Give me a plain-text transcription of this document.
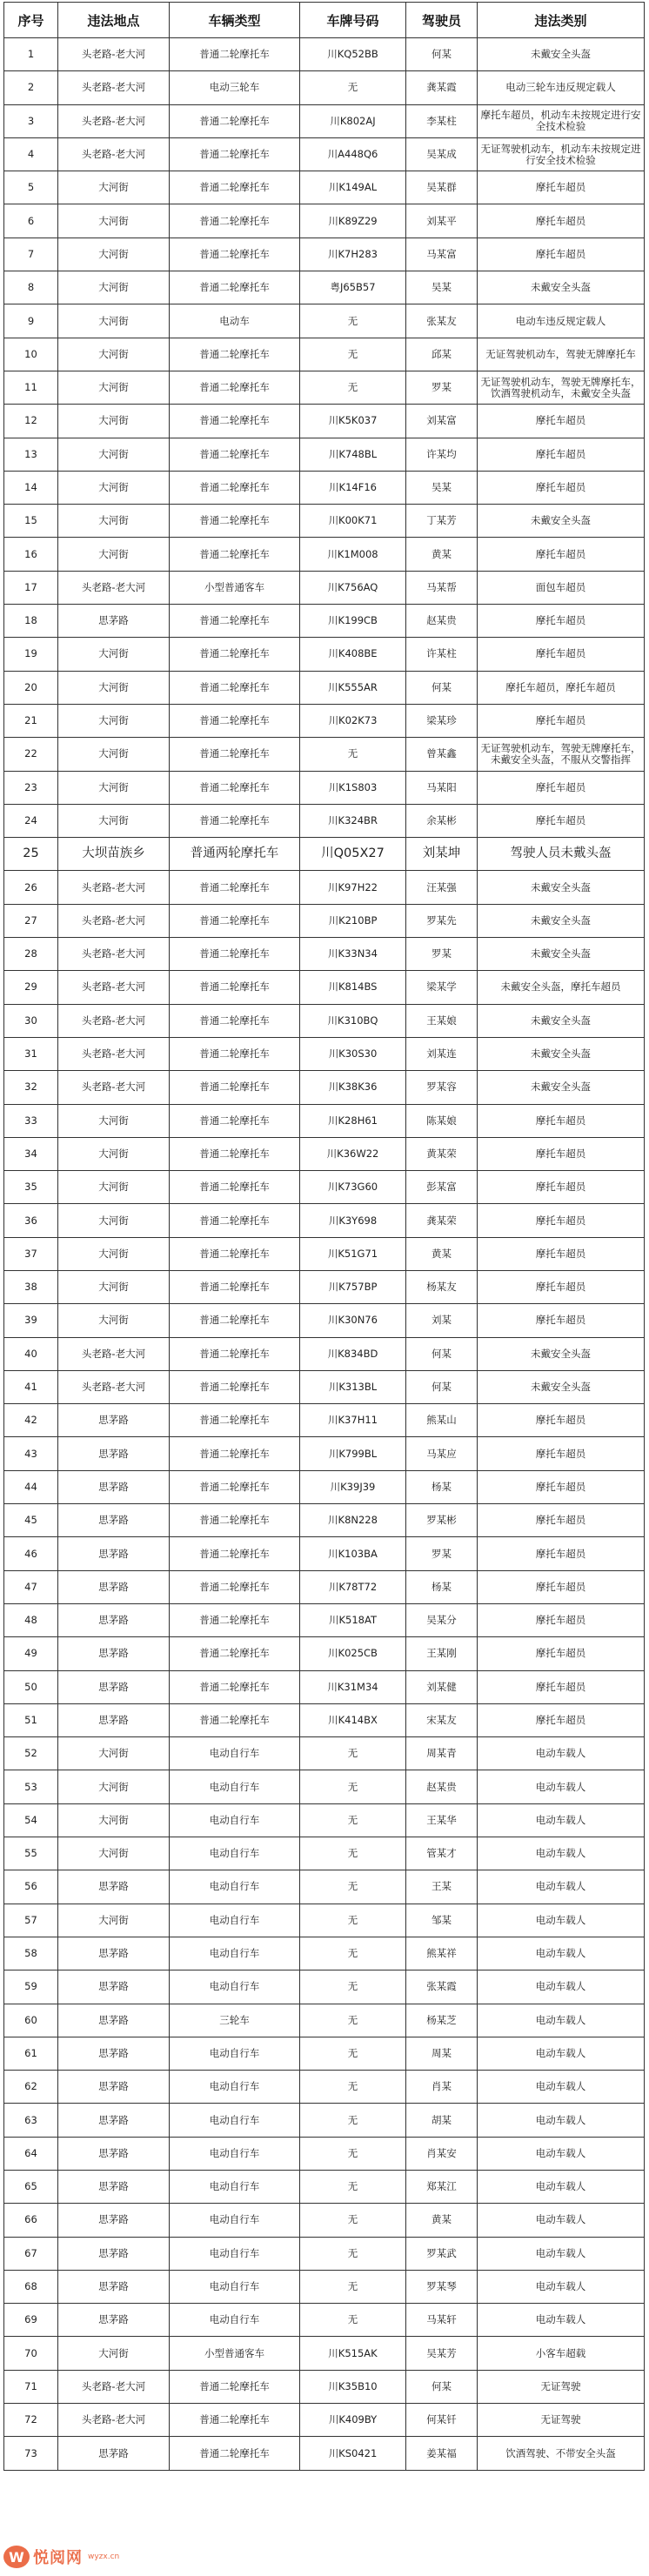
序号	违法地点	车辆类型	车牌号码	驾驶员	违法类别
1	头老路-老大河	普通二轮摩托车	川KQ52BB	何某	未戴安全头盔
2	头老路-老大河	电动三轮车	无	龚某霞	电动三轮车违反规定载人
3	头老路-老大河	普通二轮摩托车	川K802AJ	李某柱	摩托车超员，机动车未按规定进行安全技术检验
4	头老路-老大河	普通二轮摩托车	川A448Q6	吴某成	无证驾驶机动车，机动车未按规定进行安全技术检验
5	大河街	普通二轮摩托车	川K149AL	吴某群	摩托车超员
6	大河街	普通二轮摩托车	川K89Z29	刘某平	摩托车超员
7	大河街	普通二轮摩托车	川K7H283	马某富	摩托车超员
8	大河街	普通二轮摩托车	粤J65B57	吴某	未戴安全头盔
9	大河街	电动车	无	张某友	电动车违反规定载人
10	大河街	普通二轮摩托车	无	邱某	无证驾驶机动车，驾驶无牌摩托车
11	大河街	普通二轮摩托车	无	罗某	无证驾驶机动车，驾驶无牌摩托车，饮酒驾驶机动车，未戴安全头盔
12	大河街	普通二轮摩托车	川K5K037	刘某富	摩托车超员
13	大河街	普通二轮摩托车	川K748BL	许某均	摩托车超员
14	大河街	普通二轮摩托车	川K14F16	吴某	摩托车超员
15	大河街	普通二轮摩托车	川K00K71	丁某芳	未戴安全头盔
16	大河街	普通二轮摩托车	川K1M008	黄某	摩托车超员
17	头老路-老大河	小型普通客车	川K756AQ	马某帮	面包车超员
18	思茅路	普通二轮摩托车	川K199CB	赵某贵	摩托车超员
19	大河街	普通二轮摩托车	川K408BE	许某柱	摩托车超员
20	大河街	普通二轮摩托车	川K555AR	何某	摩托车超员，摩托车超员
21	大河街	普通二轮摩托车	川K02K73	梁某珍	摩托车超员
22	大河街	普通二轮摩托车	无	曾某鑫	无证驾驶机动车，驾驶无牌摩托车，未戴安全头盔，不服从交警指挥
23	大河街	普通二轮摩托车	川K1S803	马某阳	摩托车超员
24	大河街	普通二轮摩托车	川K324BR	余某彬	摩托车超员
25	大坝苗族乡	普通两轮摩托车	川Q05X27	刘某坤	驾驶人员未戴头盔
26	头老路-老大河	普通二轮摩托车	川K97H22	汪某强	未戴安全头盔
27	头老路-老大河	普通二轮摩托车	川K210BP	罗某先	未戴安全头盔
28	头老路-老大河	普通二轮摩托车	川K33N34	罗某	未戴安全头盔
29	头老路-老大河	普通二轮摩托车	川K814BS	梁某学	未戴安全头盔，摩托车超员
30	头老路-老大河	普通二轮摩托车	川K310BQ	王某娘	未戴安全头盔
31	头老路-老大河	普通二轮摩托车	川K30S30	刘某连	未戴安全头盔
32	头老路-老大河	普通二轮摩托车	川K38K36	罗某容	未戴安全头盔
33	大河街	普通二轮摩托车	川K28H61	陈某娘	摩托车超员
34	大河街	普通二轮摩托车	川K36W22	黄某荣	摩托车超员
35	大河街	普通二轮摩托车	川K73G60	彭某富	摩托车超员
36	大河街	普通二轮摩托车	川K3Y698	龚某荣	摩托车超员
37	大河街	普通二轮摩托车	川K51G71	黄某	摩托车超员
38	大河街	普通二轮摩托车	川K757BP	杨某友	摩托车超员
39	大河街	普通二轮摩托车	川K30N76	刘某	摩托车超员
40	头老路-老大河	普通二轮摩托车	川K834BD	何某	未戴安全头盔
41	头老路-老大河	普通二轮摩托车	川K313BL	何某	未戴安全头盔
42	思茅路	普通二轮摩托车	川K37H11	熊某山	摩托车超员
43	思茅路	普通二轮摩托车	川K799BL	马某应	摩托车超员
44	思茅路	普通二轮摩托车	川K39J39	杨某	摩托车超员
45	思茅路	普通二轮摩托车	川K8N228	罗某彬	摩托车超员
46	思茅路	普通二轮摩托车	川K103BA	罗某	摩托车超员
47	思茅路	普通二轮摩托车	川K78T72	杨某	摩托车超员
48	思茅路	普通二轮摩托车	川K518AT	吴某分	摩托车超员
49	思茅路	普通二轮摩托车	川K025CB	王某刚	摩托车超员
50	思茅路	普通二轮摩托车	川K31M34	刘某健	摩托车超员
51	思茅路	普通二轮摩托车	川K414BX	宋某友	摩托车超员
52	大河街	电动自行车	无	周某青	电动车载人
53	大河街	电动自行车	无	赵某贵	电动车载人
54	大河街	电动自行车	无	王某华	电动车载人
55	大河街	电动自行车	无	管某才	电动车载人
56	思茅路	电动自行车	无	王某	电动车载人
57	大河街	电动自行车	无	邹某	电动车载人
58	思茅路	电动自行车	无	熊某祥	电动车载人
59	思茅路	电动自行车	无	张某霞	电动车载人
60	思茅路	三轮车	无	杨某芝	电动车载人
61	思茅路	电动自行车	无	周某	电动车载人
62	思茅路	电动自行车	无	肖某	电动车载人
63	思茅路	电动自行车	无	胡某	电动车载人
64	思茅路	电动自行车	无	肖某安	电动车载人
65	思茅路	电动自行车	无	郑某江	电动车载人
66	思茅路	电动自行车	无	黄某	电动车载人
67	思茅路	电动自行车	无	罗某武	电动车载人
68	思茅路	电动自行车	无	罗某琴	电动车载人
69	思茅路	电动自行车	无	马某轩	电动车载人
70	大河街	小型普通客车	川K515AK	吴某芳	小客车超载
71	头老路-老大河	普通二轮摩托车	川K35B10	何某	无证驾驶
72	头老路-老大河	普通二轮摩托车	川K409BY	何某钎	无证驾驶
73	思茅路	普通二轮摩托车	川KS0421	姜某福	饮酒驾驶、不带安全头盔
W 悦阅网 wyzx.cn
